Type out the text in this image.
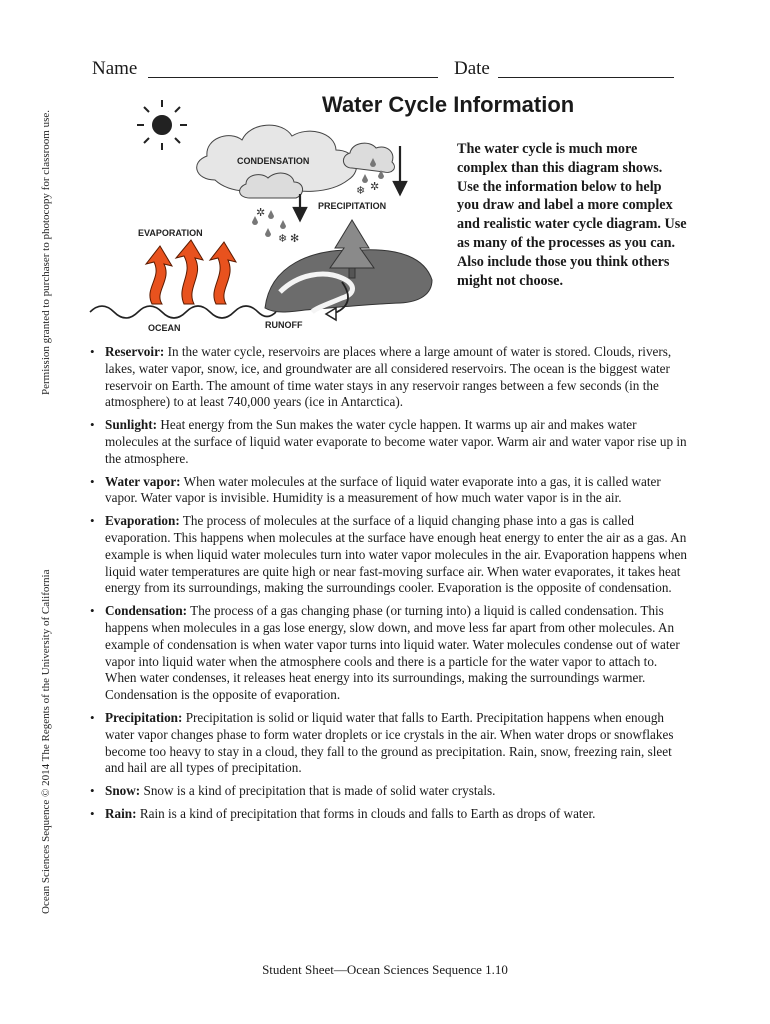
Permission granted to purchaser to photocopy for classroom use.
Ocean Sciences Sequence © 2014 The Regents of the University of California
Name	Date
Water Cycle Information
CONDENSATION
✲
❄ ✻
❄ ✲
PRECIPITATION
RUNOFF
EVAPORATION
OCEAN
The water cycle is much more complex than this diagram shows. Use the information below to help you draw and label a more complex and realistic water cycle diagram. Use as many of the processes as you can. Also include those you think others might not choose.
• Reservoir: In the water cycle, reservoirs are places where a large amount of water is stored. Clouds, rivers, lakes, water vapor, snow, ice, and groundwater are all considered reservoirs. The ocean is the biggest water reservoir on Earth. The amount of time water stays in any reservoir ranges between a few seconds (in the atmosphere) to at least 740,000 years (ice in Antarctica).
• Sunlight: Heat energy from the Sun makes the water cycle happen. It warms up air and makes water molecules at the surface of liquid water evaporate to become water vapor. Warm air and water vapor rise up in the atmosphere.
• Water vapor: When water molecules at the surface of liquid water evaporate into a gas, it is called water vapor. Water vapor is invisible. Humidity is a measurement of how much water vapor is in the air.
• Evaporation: The process of molecules at the surface of a liquid changing phase into a gas is called evaporation. This happens when molecules at the surface have enough heat energy to enter the air as a gas. An example is when liquid water molecules turn into water vapor molecules in the air. Evaporation happens when liquid water temperatures are quite high or near fast-moving surface air. When water evaporates, it takes heat energy from its surroundings, making the surroundings cooler. Evaporation is the opposite of condensation.
• Condensation: The process of a gas changing phase (or turning into) a liquid is called condensation. This happens when molecules in a gas lose energy, slow down, and move less far apart from other molecules. An example of condensation is when water vapor turns into liquid water. Water molecules condense out of water vapor into liquid water when the atmosphere cools and there is a particle for the water vapor to attach to. When water condenses, it releases heat energy into its surroundings, making the surroundings warmer. Condensation is the opposite of evaporation.
• Precipitation: Precipitation is solid or liquid water that falls to Earth. Precipitation happens when enough water vapor changes phase to form water droplets or ice crystals in the air. When water drops or snowflakes become too heavy to stay in a cloud, they fall to the ground as precipitation. Rain, snow, freezing rain, sleet and hail are all types of precipitation.
• Snow: Snow is a kind of precipitation that is made of solid water crystals.
• Rain: Rain is a kind of precipitation that forms in clouds and falls to Earth as drops of water.
Student Sheet—Ocean Sciences Sequence 1.10
